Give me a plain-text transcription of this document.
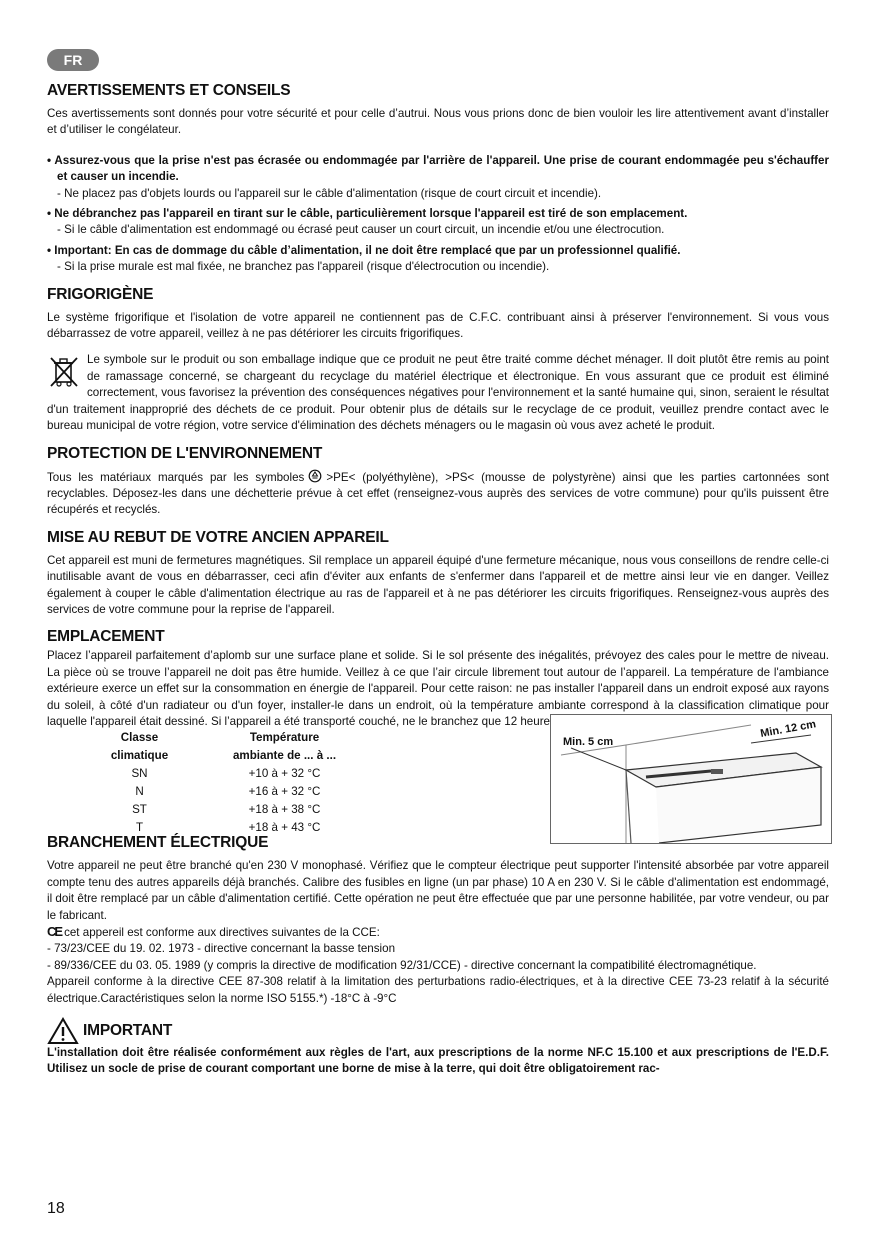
FR
AVERTISSEMENTS ET CONSEILS

Ces avertissements sont donnés pour votre sécurité et pour celle d’autrui. Nous vous prions donc de bien vouloir les lire attentivement avant d’installer et d’utiliser le congélateur.

• Assurez-vous que la prise n'est pas écrasée ou endommagée par l'arrière de l'appareil. Une prise de courant endommagée peu s'échauffer et causer un incendie.
- Ne placez pas d'objets lourds ou l'appareil sur le câble d'alimentation (risque de court circuit et incendie).
• Ne débranchez pas l'appareil en tirant sur le câble, particulièrement lorsque l'appareil est tiré de son emplacement.
- Si le câble d'alimentation est endommagé ou écrasé peut causer un court circuit, un incendie et/ou une électrocution.
• Important: En cas de dommage du câble d’alimentation, il ne doit être remplacé que par un professionnel qualifié.
- Si la prise murale est mal fixée, ne branchez pas l'appareil (risque d'électrocution ou incendie).
FRIGORIGÈNE

Le système frigorifique et l'isolation de votre appareil ne contiennent pas de C.F.C. contribuant ainsi à préserver l'environnement. Si vous vous débarrassez de votre appareil, veillez à ne pas détériorer les circuits frigorifiques.

Le symbole sur le produit ou son emballage indique que ce produit ne peut être traité comme déchet ménager. Il doit plutôt être remis au point de ramassage concerné, se chargeant du recyclage du matériel électrique et électronique. En vous assurant que ce produit est éliminé correctement, vous favorisez la prévention des conséquences négatives pour l'environnement et la santé humaine qui, sinon, seraient le résultat d'un traitement inapproprié des déchets de ce produit. Pour obtenir plus de détails sur le recyclage de ce produit, veuillez prendre contact avec le bureau municipal de votre région, votre service d'élimination des déchets ménagers ou le magasin où vous avez acheté le produit.

PROTECTION DE L'ENVIRONNEMENT

Tous les matériaux marqués par les symboles >PE< (polyéthylène), >PS< (mousse de polystyrène) ainsi que les parties cartonnées sont recyclables. Déposez-les dans une déchetterie prévue à cet effet (renseignez-vous auprès des services de votre commune) pour qu'ils puissent être récupérés et recyclés.

MISE AU REBUT DE VOTRE ANCIEN APPAREIL

Cet appareil est muni de fermetures magnétiques. Sil remplace un appareil équipé d'une fermeture mécanique, nous vous conseillons de rendre celle-ci inutilisable avant de vous en débarrasser, ceci afin d'éviter aux enfants de s'enfermer dans l'appareil et de mettre ainsi leur vie en danger. Veillez également à couper le câble d'alimentation électrique au ras de l'appareil et à ne pas détériorer les circuits frigorifiques. Renseignez-vous auprès des services de votre commune pour la reprise de l'appareil.

EMPLACEMENT

Placez l’appareil parfaitement d’aplomb sur une surface plane et solide. Si le sol présente des inégalités, prévoyez des cales pour le mettre de niveau. La pièce où se trouve l’appareil ne doit pas être humide. Veillez à ce que l’air circule librement tout autour de l’appareil. La température de l'ambiance extérieure exerce un effet sur la consommation en énergie de l'appareil. Pour cette raison: ne pas installer l'appareil dans un endroit exposé aux rayons du soleil, à côté d'un radiateur ou d'un foyer, installer-le dans un endroit, où la température ambiante correspond à la classification climatique pour laquelle l'appareil était dessiné. Si l’appareil a été transporté couché, ne le branchez que 12 heures après l’avoir installé.

Classe	Température
climatique	ambiante de ... à ...
SN	+10 à + 32 °C
N	+16 à + 32 °C
ST	+18 à + 38 °C
T	+18 à + 43 °C
Min. 5 cm
Min. 12 cm
BRANCHEMENT ÉLECTRIQUE

Votre appareil ne peut être branché qu'en 230 V monophasé. Vérifiez que le compteur électrique peut supporter l'intensité absorbée par votre appareil compte tenu des autres appareils déjà branchés. Calibre des fusibles en ligne (un par phase) 10 A en 230 V. Si le câble d'alimentation est endommagé, il doit être remplacé par un câble d'alimentation certifié. Cette opération ne peut être effectuée que par une personne habilitée, par votre vendeur, ou par le fabricant.

CE cet appereil est conforme aux directives suivantes de la CCE:
- 73/23/CEE du 19. 02. 1973 - directive concernant la basse tension
- 89/336/CEE du 03. 05. 1989 (y compris la directive de modification 92/31/CCE) - directive concernant la compatibilité électromagnétique.

Appareil conforme à la directive CEE 87-308 relatif à la limitation des perturbations radio-électriques, et à la directive CEE 73-23 relatif à la sécurité électrique.Caractéristiques selon la norme ISO 5155.*) -18°C à -9°C

IMPORTANT

L'installation doit être réalisée conformément aux règles de l'art, aux prescriptions de la norme NF.C 15.100 et aux prescriptions de l'E.D.F. Utilisez un socle de prise de courant comportant une borne de mise à la terre, qui doit être obligatoirement rac-

18
